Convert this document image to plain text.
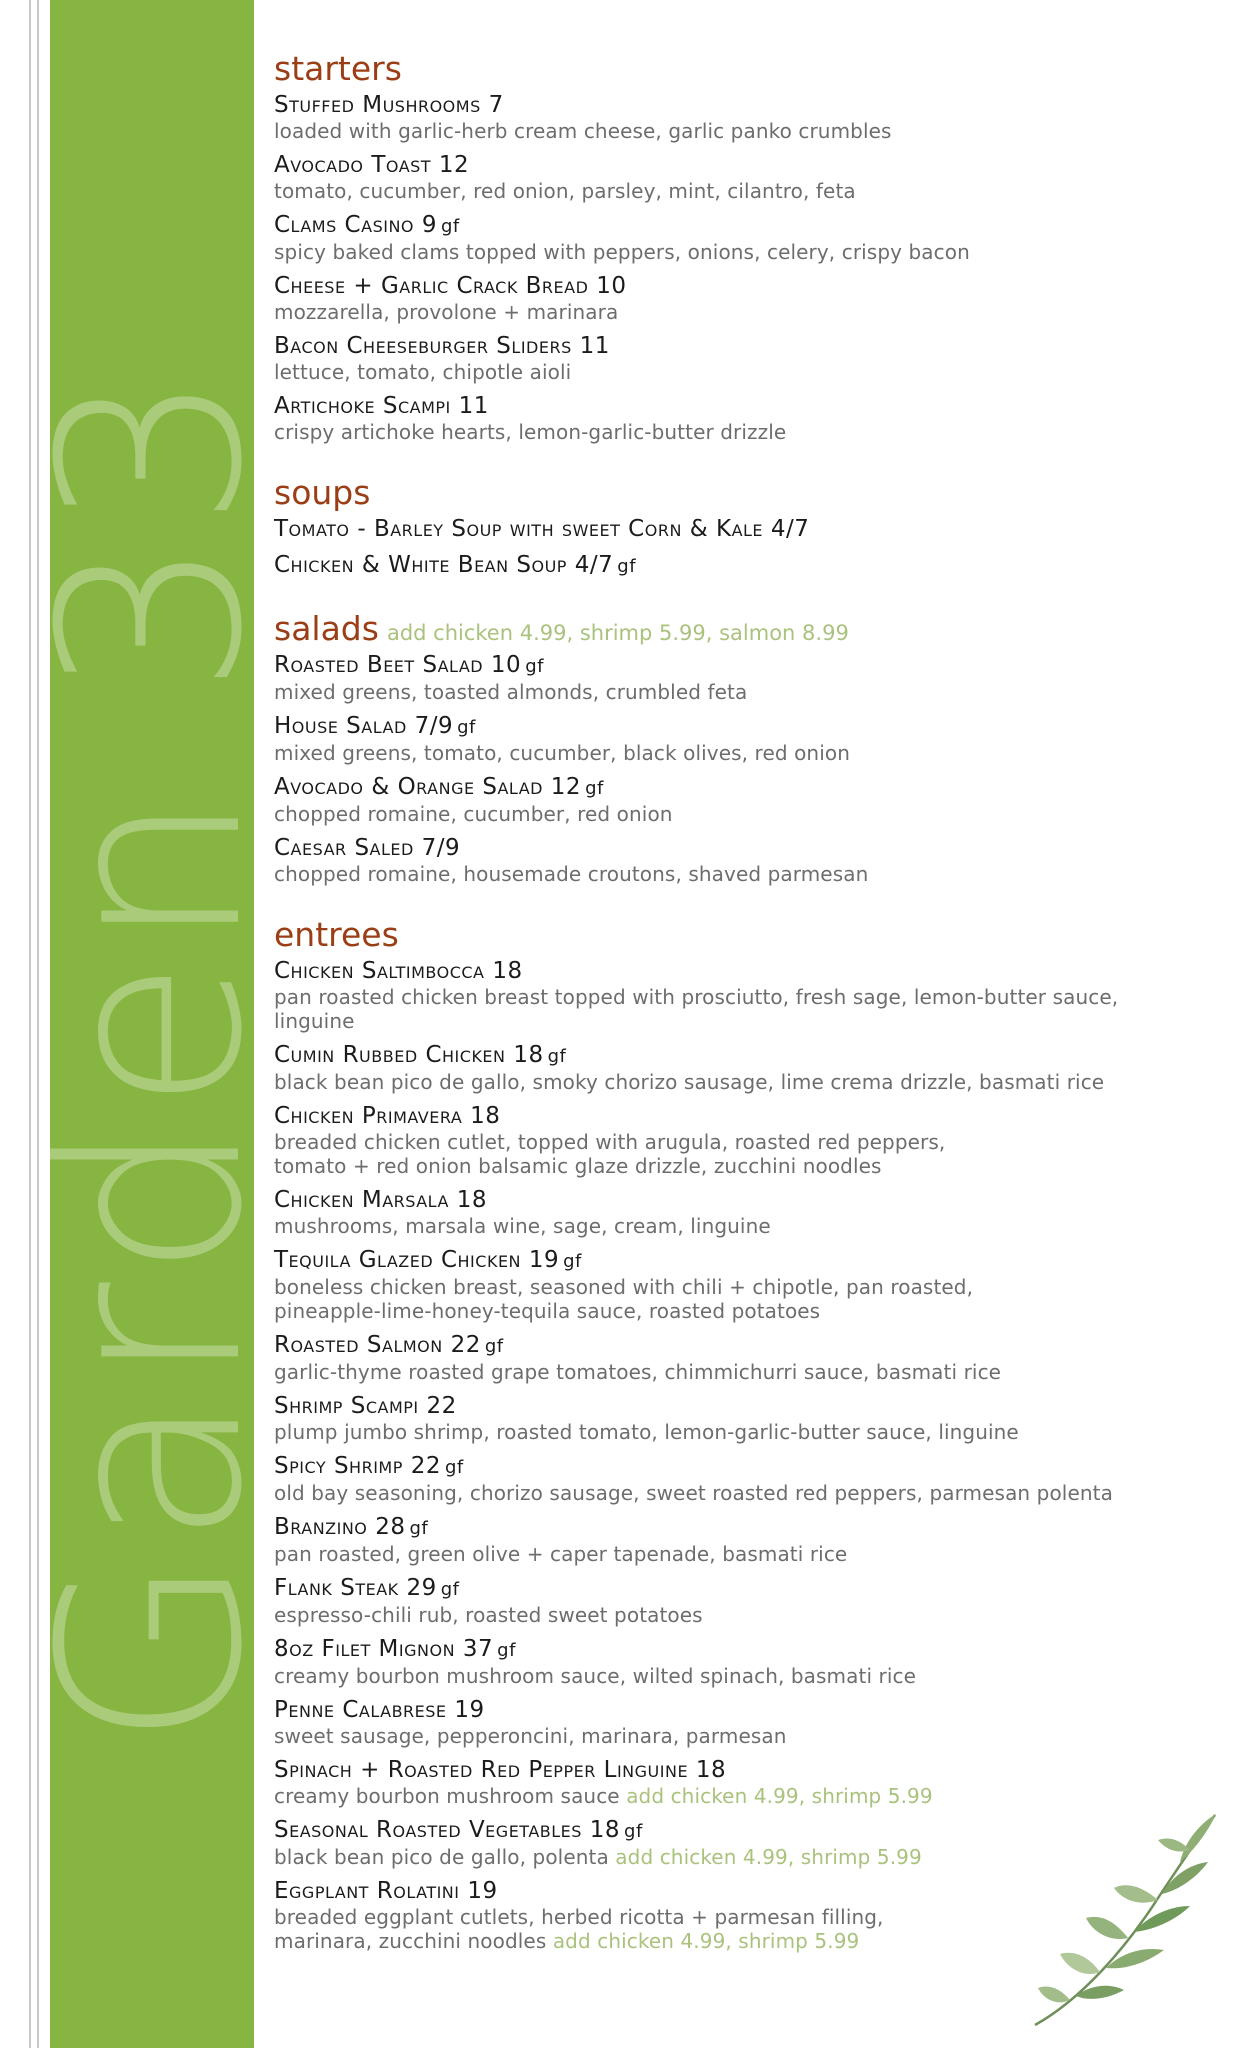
Garden 33
starters
Stuffed Mushrooms 7
loaded with garlic-herb cream cheese, garlic panko crumbles
Avocado Toast 12
tomato, cucumber, red onion, parsley, mint, cilantro, feta
Clams Casino 9 gf
spicy baked clams topped with peppers, onions, celery, crispy bacon
Cheese + Garlic Crack Bread 10
mozzarella, provolone + marinara
Bacon Cheeseburger Sliders 11
lettuce, tomato, chipotle aioli
Artichoke Scampi 11
crispy artichoke hearts, lemon-garlic-butter drizzle
soups
Tomato - Barley Soup with sweet Corn & Kale 4/7
Chicken & White Bean Soup 4/7 gf
salads add chicken 4.99, shrimp 5.99, salmon 8.99
Roasted Beet Salad 10 gf
mixed greens, toasted almonds, crumbled feta
House Salad 7/9 gf
mixed greens, tomato, cucumber, black olives, red onion
Avocado & Orange Salad 12 gf
chopped romaine, cucumber, red onion
Caesar Saled 7/9
chopped romaine, housemade croutons, shaved parmesan
entrees
Chicken Saltimbocca 18
pan roasted chicken breast topped with prosciutto, fresh sage, lemon-butter sauce,
linguine
Cumin Rubbed Chicken 18 gf
black bean pico de gallo, smoky chorizo sausage, lime crema drizzle, basmati rice
Chicken Primavera 18
breaded chicken cutlet, topped with arugula, roasted red peppers,
tomato + red onion balsamic glaze drizzle, zucchini noodles
Chicken Marsala 18
mushrooms, marsala wine, sage, cream, linguine
Tequila Glazed Chicken 19 gf
boneless chicken breast, seasoned with chili + chipotle, pan roasted,
pineapple-lime-honey-tequila sauce, roasted potatoes
Roasted Salmon 22 gf
garlic-thyme roasted grape tomatoes, chimmichurri sauce, basmati rice
Shrimp Scampi 22
plump jumbo shrimp, roasted tomato, lemon-garlic-butter sauce, linguine
Spicy Shrimp 22 gf
old bay seasoning, chorizo sausage, sweet roasted red peppers, parmesan polenta
Branzino 28 gf
pan roasted, green olive + caper tapenade, basmati rice
Flank Steak 29 gf
espresso-chili rub, roasted sweet potatoes
8oz Filet Mignon 37 gf
creamy bourbon mushroom sauce, wilted spinach, basmati rice
Penne Calabrese 19
sweet sausage, pepperoncini, marinara, parmesan
Spinach + Roasted Red Pepper Linguine 18
creamy bourbon mushroom sauce add chicken 4.99, shrimp 5.99
Seasonal Roasted Vegetables 18 gf
black bean pico de gallo, polenta add chicken 4.99, shrimp 5.99
Eggplant Rolatini 19
breaded eggplant cutlets, herbed ricotta + parmesan filling,
marinara, zucchini noodles add chicken 4.99, shrimp 5.99
